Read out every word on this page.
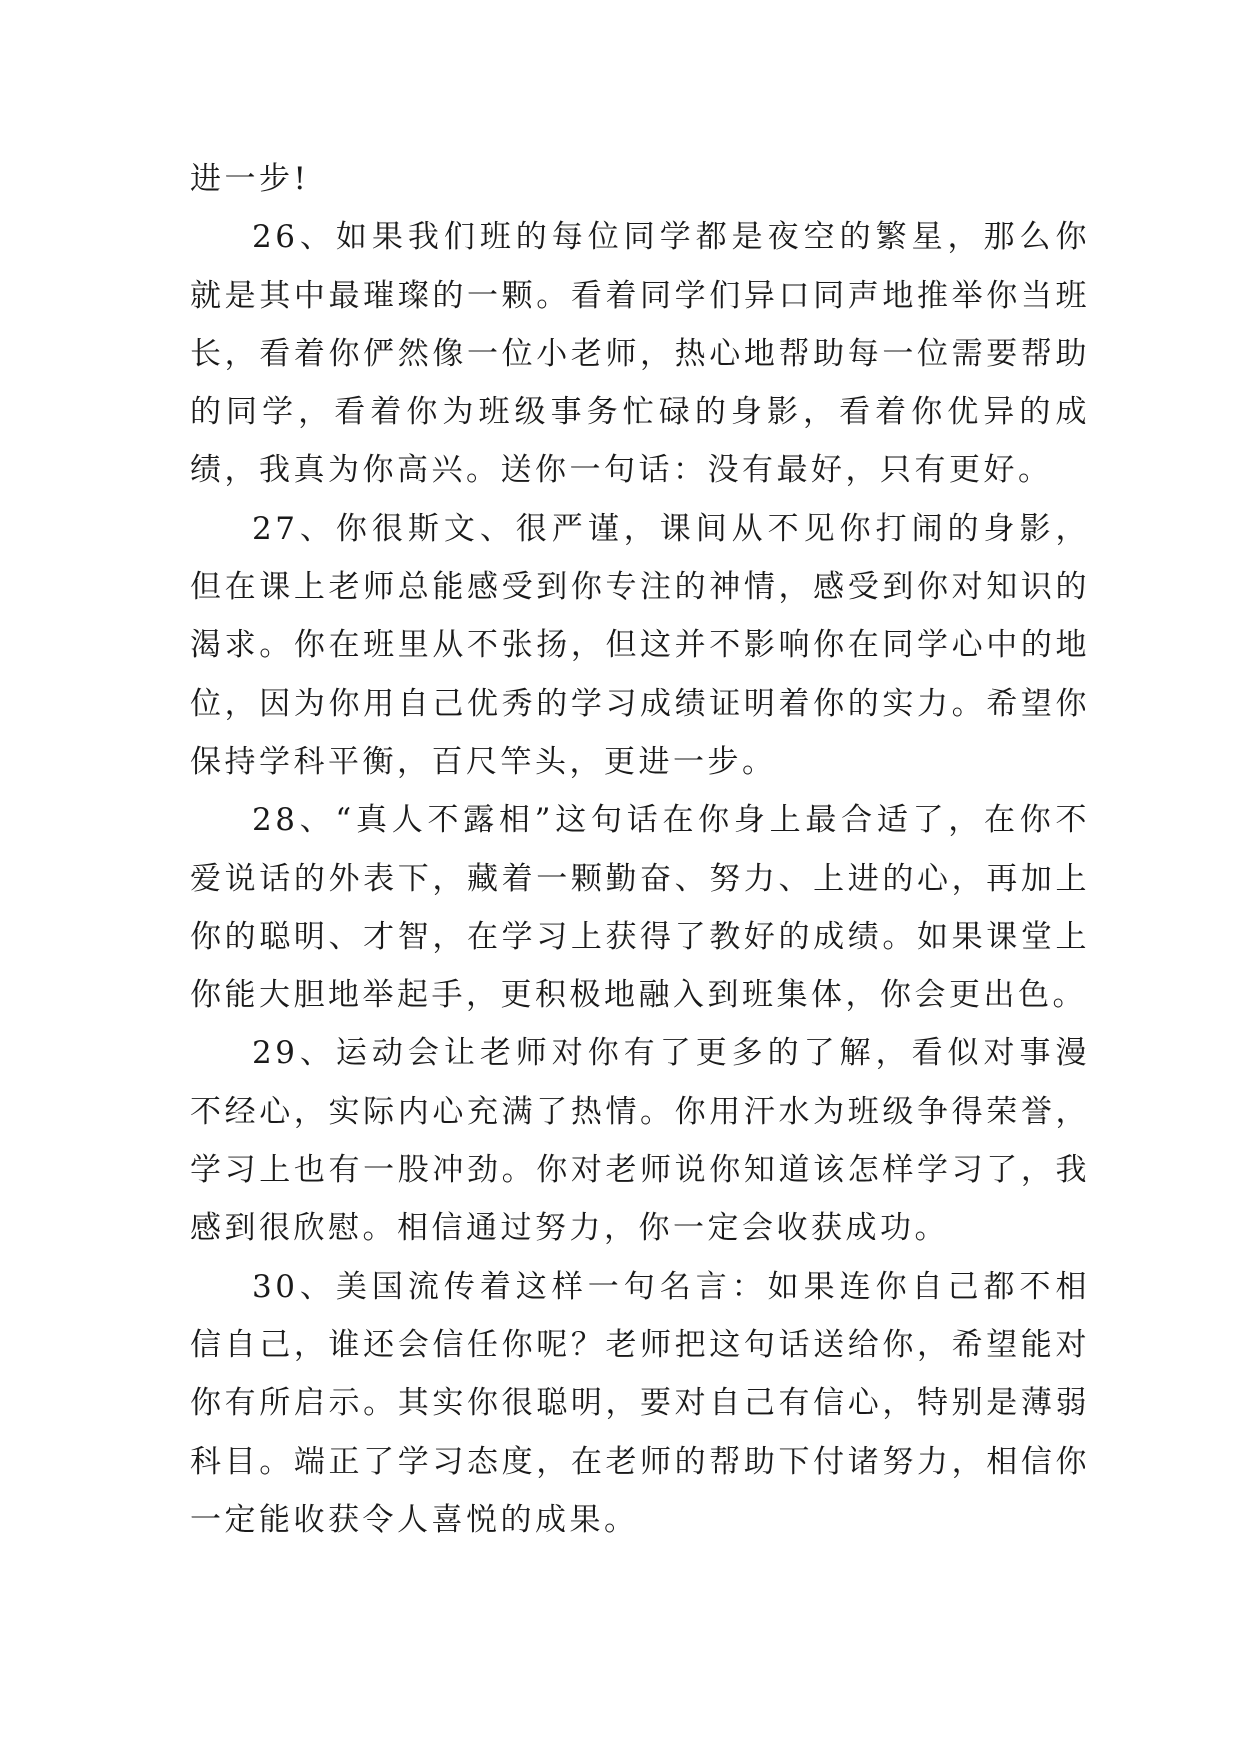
进一步!

26、如果我们班的每位同学都是夜空的繁星，那么你就是其中最璀璨的一颗。看着同学们异口同声地推举你当班长，看着你俨然像一位小老师，热心地帮助每一位需要帮助的同学，看着你为班级事务忙碌的身影，看着你优异的成绩，我真为你高兴。送你一句话：没有最好，只有更好。

27、你很斯文、很严谨，课间从不见你打闹的身影，但在课上老师总能感受到你专注的神情，感受到你对知识的渴求。你在班里从不张扬，但这并不影响你在同学心中的地位，因为你用自己优秀的学习成绩证明着你的实力。希望你保持学科平衡，百尺竿头，更进一步。

28、“真人不露相”这句话在你身上最合适了，在你不爱说话的外表下，藏着一颗勤奋、努力、上进的心，再加上你的聪明、才智，在学习上获得了教好的成绩。如果课堂上你能大胆地举起手，更积极地融入到班集体，你会更出色。

29、运动会让老师对你有了更多的了解，看似对事漫不经心，实际内心充满了热情。你用汗水为班级争得荣誉，学习上也有一股冲劲。你对老师说你知道该怎样学习了，我感到很欣慰。相信通过努力，你一定会收获成功。

30、美国流传着这样一句名言：如果连你自己都不相信自己，谁还会信任你呢？老师把这句话送给你，希望能对你有所启示。其实你很聪明，要对自己有信心，特别是薄弱科目。端正了学习态度，在老师的帮助下付诸努力，相信你一定能收获令人喜悦的成果。
